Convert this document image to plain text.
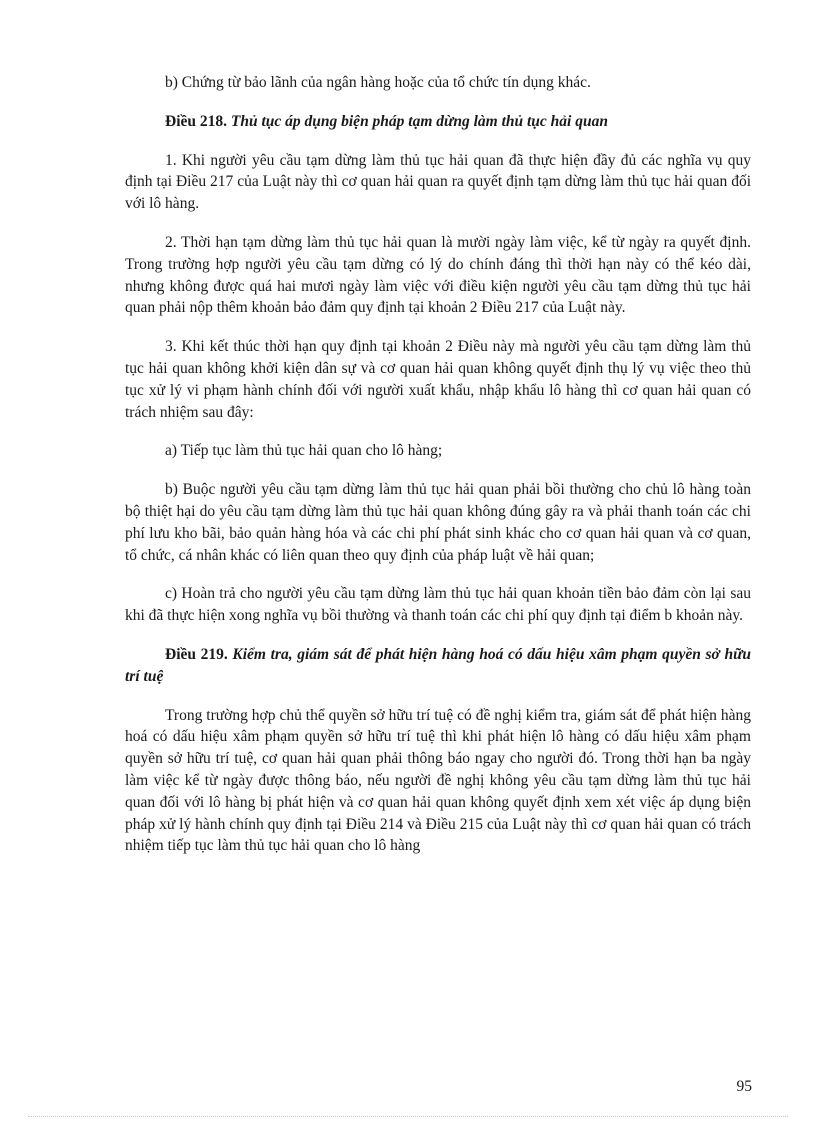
b) Chứng từ bảo lãnh của ngân hàng hoặc của tổ chức tín dụng khác.

Điều 218. Thủ tục áp dụng biện pháp tạm dừng làm thủ tục hải quan

1. Khi người yêu cầu tạm dừng làm thủ tục hải quan đã thực hiện đầy đủ các nghĩa vụ quy định tại Điều 217 của Luật này thì cơ quan hải quan ra quyết định tạm dừng làm thủ tục hải quan đối với lô hàng.

2. Thời hạn tạm dừng làm thủ tục hải quan là mười ngày làm việc, kể từ ngày ra quyết định. Trong trường hợp người yêu cầu tạm dừng có lý do chính đáng thì thời hạn này có thể kéo dài, nhưng không được quá hai mươi ngày làm việc với điều kiện người yêu cầu tạm dừng thủ tục hải quan phải nộp thêm khoản bảo đảm quy định tại khoản 2 Điều 217 của Luật này.

3. Khi kết thúc thời hạn quy định tại khoản 2 Điều này mà người yêu cầu tạm dừng làm thủ tục hải quan không khởi kiện dân sự và cơ quan hải quan không quyết định thụ lý vụ việc theo thủ tục xử lý vi phạm hành chính đối với người xuất khẩu, nhập khẩu lô hàng thì cơ quan hải quan có trách nhiệm sau đây:

a) Tiếp tục làm thủ tục hải quan cho lô hàng;

b) Buộc người yêu cầu tạm dừng làm thủ tục hải quan phải bồi thường cho chủ lô hàng toàn bộ thiệt hại do yêu cầu tạm dừng làm thủ tục hải quan không đúng gây ra và phải thanh toán các chi phí lưu kho bãi, bảo quản hàng hóa và các chi phí phát sinh khác cho cơ quan hải quan và cơ quan, tổ chức, cá nhân khác có liên quan theo quy định của pháp luật về hải quan;

c) Hoàn trả cho người yêu cầu tạm dừng làm thủ tục hải quan khoản tiền bảo đảm còn lại sau khi đã thực hiện xong nghĩa vụ bồi thường và thanh toán các chi phí quy định tại điểm b khoản này.

Điều 219. Kiểm tra, giám sát để phát hiện hàng hoá có dấu hiệu xâm phạm quyền sở hữu trí tuệ

Trong trường hợp chủ thể quyền sở hữu trí tuệ có đề nghị kiểm tra, giám sát để phát hiện hàng hoá có dấu hiệu xâm phạm quyền sở hữu trí tuệ thì khi phát hiện lô hàng có dấu hiệu xâm phạm quyền sở hữu trí tuệ, cơ quan hải quan phải thông báo ngay cho người đó. Trong thời hạn ba ngày làm việc kể từ ngày được thông báo, nếu người đề nghị không yêu cầu tạm dừng làm thủ tục hải quan đối với lô hàng bị phát hiện và cơ quan hải quan không quyết định xem xét việc áp dụng biện pháp xử lý hành chính quy định tại Điều 214 và Điều 215 của Luật này thì cơ quan hải quan có trách nhiệm tiếp tục làm thủ tục hải quan cho lô hàng

95
